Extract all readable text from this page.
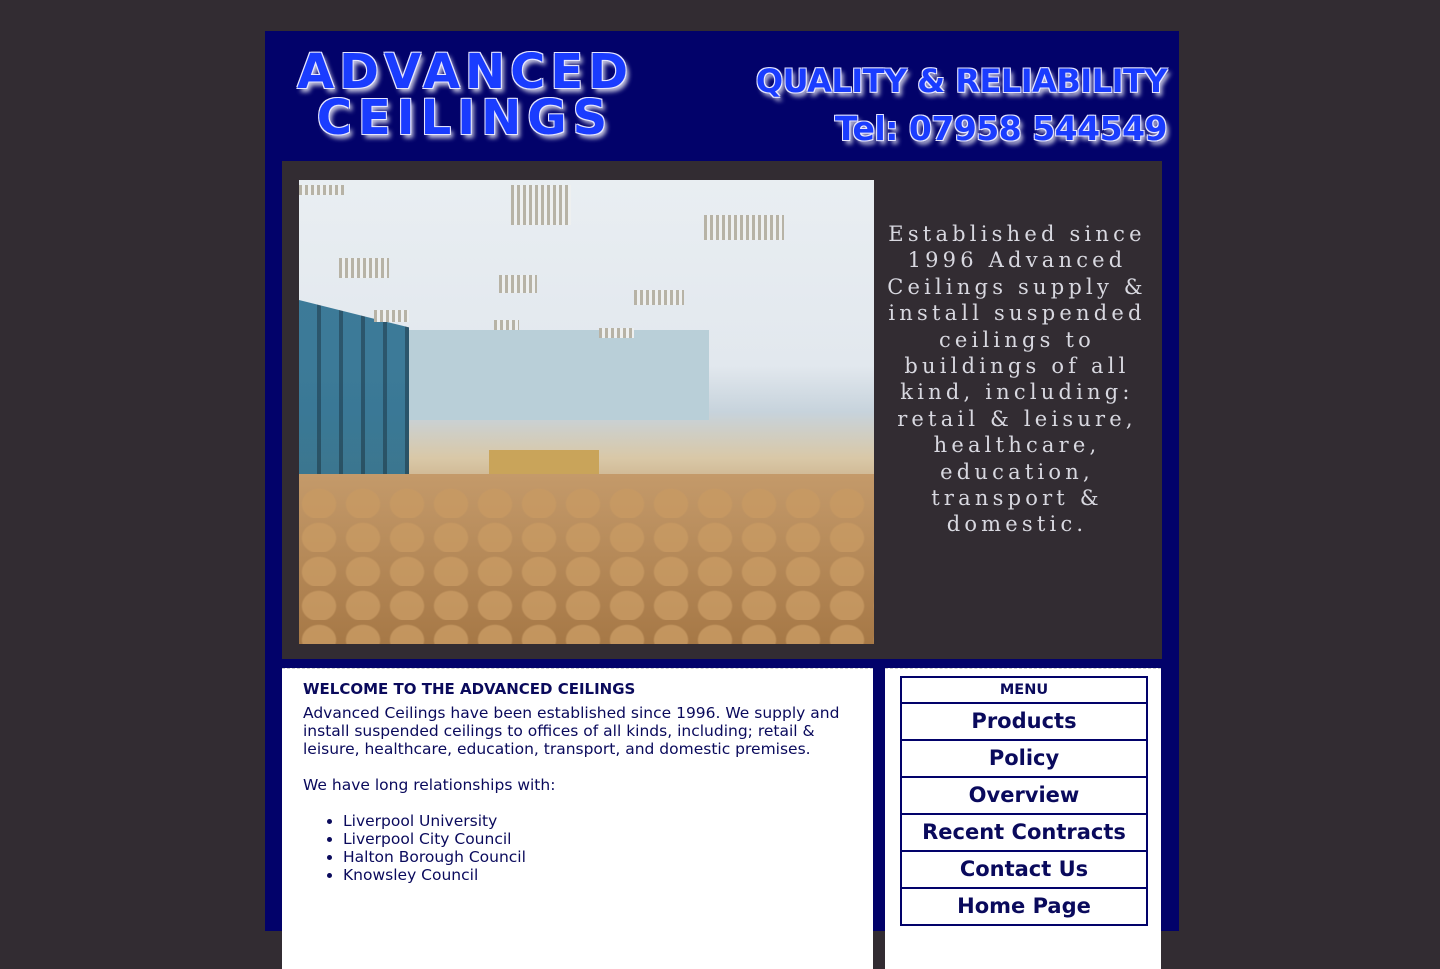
ADVANCED
CEILINGS
QUALITY & RELIABILITY
Tel: 07958 544549
Established since 1996 Advanced Ceilings supply & install suspended ceilings to buildings of all kind, including: retail & leisure, healthcare, education, transport & domestic.
WELCOME TO THE ADVANCED CEILINGS

Advanced Ceilings have been established since 1996. We supply and install suspended ceilings to offices of all kinds, including; retail & leisure, healthcare, education, transport, and domestic premises.

We have long relationships with:

• Liverpool University
• Liverpool City Council
• Halton Borough Council
• Knowsley Council
MENU
Products
Policy
Overview
Recent Contracts
Contact Us
Home Page
